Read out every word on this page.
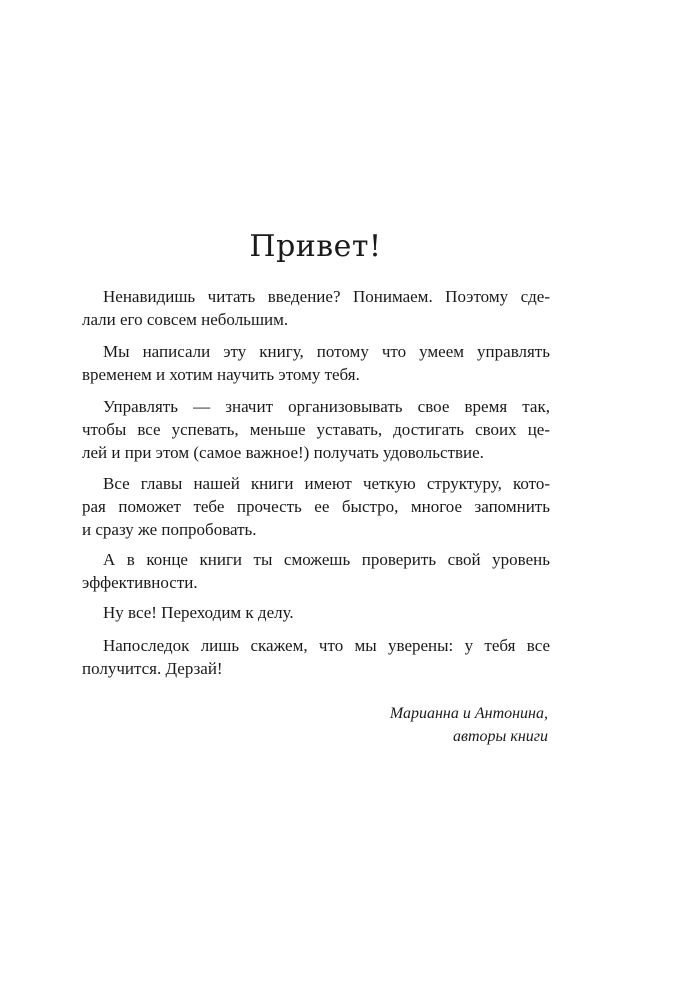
Привет!

Ненавидишь читать введение? Понимаем. Поэтому сде-
лали его совсем небольшим.

Мы написали эту книгу, потому что умеем управлять
временем и хотим научить этому тебя.

Управлять — значит организовывать свое время так,
чтобы все успевать, меньше уставать, достигать своих це-
лей и при этом (самое важное!) получать удовольствие.

Все главы нашей книги имеют четкую структуру, кото-
рая поможет тебе прочесть ее быстро, многое запомнить
и сразу же попробовать.

А в конце книги ты сможешь проверить свой уровень
эффективности.

Ну все! Переходим к делу.

Напоследок лишь скажем, что мы уверены: у тебя все
получится. Дерзай!

Марианна и Антонина,
авторы книги
